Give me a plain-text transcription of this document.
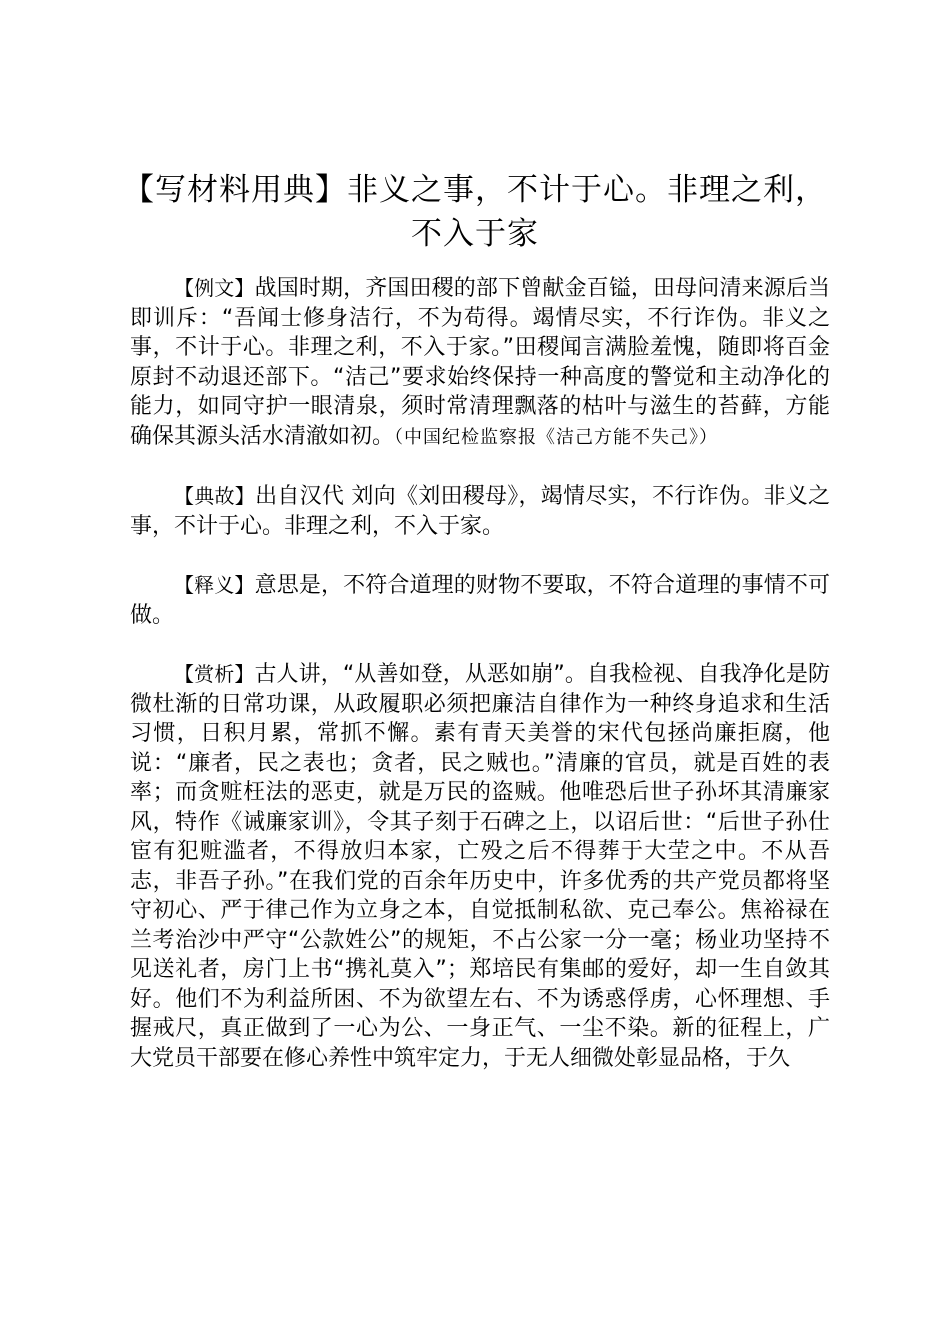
【写材料用典】非义之事，不计于心。非理之利，不入于家

【例文】战国时期，齐国田稷的部下曾献金百镒，田母问清来源后当即训斥：“吾闻士修身洁行，不为苟得。竭情尽实，不行诈伪。非义之事，不计于心。非理之利，不入于家。”田稷闻言满脸羞愧，随即将百金原封不动退还部下。“洁己”要求始终保持一种高度的警觉和主动净化的能力，如同守护一眼清泉，须时常清理飘落的枯叶与滋生的苔藓，方能确保其源头活水清澈如初。（中国纪检监察报《洁己方能不失己》）

【典故】出自汉代 刘向《刘田稷母》，竭情尽实，不行诈伪。非义之事，不计于心。非理之利，不入于家。

【释义】意思是，不符合道理的财物不要取，不符合道理的事情不可做。

【赏析】古人讲，“从善如登，从恶如崩”。自我检视、自我净化是防微杜渐的日常功课，从政履职必须把廉洁自律作为一种终身追求和生活习惯，日积月累，常抓不懈。素有青天美誉的宋代包拯尚廉拒腐，他说：“廉者，民之表也；贪者，民之贼也。”清廉的官员，就是百姓的表率；而贪赃枉法的恶吏，就是万民的盗贼。他唯恐后世子孙坏其清廉家风，特作《诫廉家训》，令其子刻于石碑之上，以诏后世：“后世子孙仕宦有犯赃滥者，不得放归本家，亡殁之后不得葬于大茔之中。不从吾志，非吾子孙。”在我们党的百余年历史中，许多优秀的共产党员都将坚守初心、严于律己作为立身之本，自觉抵制私欲、克己奉公。焦裕禄在兰考治沙中严守“公款姓公”的规矩，不占公家一分一毫；杨业功坚持不见送礼者，房门上书“携礼莫入”；郑培民有集邮的爱好，却一生自敛其好。他们不为利益所困、不为欲望左右、不为诱惑俘虏，心怀理想、手握戒尺，真正做到了一心为公、一身正气、一尘不染。新的征程上，广大党员干部要在修心养性中筑牢定力，于无人细微处彰显品格，于久
